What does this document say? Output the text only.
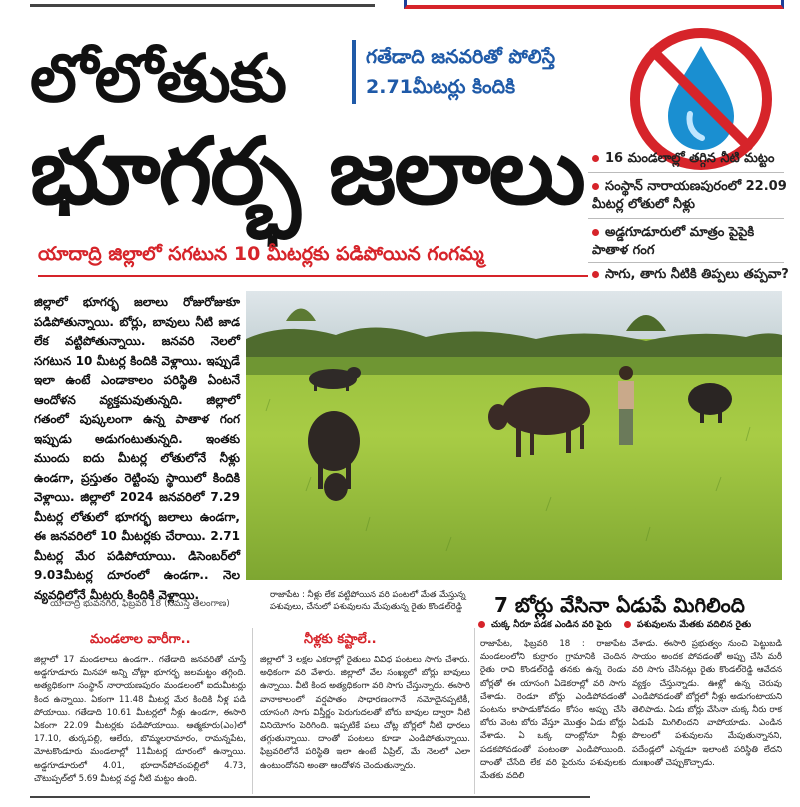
లోలోతుకు
భూగర్భ జలాలు
గతేడాది జనవరితో పోలిస్తే
2.71మీటర్లు కిందికి
16 మండలాల్లో తగ్గిన నీటి మట్టం
సంస్థాన్ నారాయణపురంలో 22.09 మీటర్ల లోతులో నీళ్లు
అడ్డగూడూరులో మాత్రం పైపైకి పాతాళ గంగ
సాగు, తాగు నీటికి తిప్పలు తప్పవా?
యాదాద్రి జిల్లాలో సగటున 10 మీటర్లకు పడిపోయిన గంగమ్మ
జిల్లాలో భూగర్భ జలాలు రోజురోజుకూ పడిపోతున్నాయి. బోర్లు, బావులు నీటి జాడ లేక వట్టిపోతున్నాయి. జనవరి నెలలో సగటున 10 మీటర్ల కిందికి వెళ్లాయి. ఇప్పుడే ఇలా ఉంటే ఎండాకాలం పరిస్థితి ఏంటనే ఆందోళన వ్యక్తమవుతున్నది. జిల్లాలో గతంలో పుష్కలంగా ఉన్న పాతాళ గంగ ఇప్పుడు అడుగంటుతున్నది. ఇంతకు ముందు ఐదు మీటర్ల లోతులోనే నీళ్లు ఉండగా, ప్రస్తుతం రెట్టింపు స్థాయిలో కిందికి వెళ్లాయి. జిల్లాలో 2024 జనవరిలో 7.29 మీటర్ల లోతులో భూగర్భ జలాలు ఉండగా, ఈ జనవరిలో 10 మీటర్లకు చేరాయి. 2.71 మీటర్ల మేర పడిపోయాయి. డిసెంబర్‌లో 9.03మీటర్ల దూరంలో ఉండగా.. నెల వ్యవధిలోనే మీటరు కిందికి వెళ్లాయి.
- యాదాద్రి భువనగిరి, ఫిబ్రవరి 18 (నమస్తే తెలంగాణ)
రాజాపేట : నీళ్లు లేక వట్టిపోయిన వరి పంటలో మేత మేస్తున్న పశువులు, చేనులో పశువులను మేపుతున్న రైతు కొండల్‌రెడ్డి	7 బోర్లు వేసినా ఏడుపే మిగిలింది
చుక్క నీరూ పడక ఎండిన వరి పైరు	పశువులను మేతకు వదిలిన రైతు
మండలాల వారీగా..
జిల్లాలో 17 మండలాలు ఉండగా.. గతేడాది జనవరితో చూస్తే అడ్డగూడూరు మినహా అన్ని చోట్లా భూగర్భ జలమట్టం తగ్గింది. అత్యధికంగా సంస్థాన్ నారాయణపురం మండలంలో ఐదుమీటర్లు కింద ఉన్నాయి. ఏకంగా 11.48 మీటర్ల మేర కిందికి నీళ్ల పడి పోయాయి. గతేడాది 10.61 మీటర్లలో నీళ్లు ఉండగా, ఈసారి ఏకంగా 22.09 మీటర్లకు పడిపోయాయి. ఆత్మకూరు(ఎం)లో 17.10, తుర్కపల్లి, ఆలేరు, బొమ్మలరామారం, రామన్నపేట, మోటకొండూరు మండలాల్లో 11మీటర్ల దూరంలో ఉన్నాయి. అడ్డగూడూరులో 4.01, భూదాన్‌పోచంపల్లిలో 4.73, చౌటుప్పల్‌లో 5.69 మీటర్ల వద్ద నీటి మట్టం ఉంది.
నీళ్లకు కష్టాలే..
జిల్లాలో 3 లక్షల ఎకరాల్లో రైతులు వివిధ పంటలు సాగు చేశారు. అధికంగా వరి వేశారు. జిల్లాలో వేల సంఖ్యలో బోర్లు బావులు ఉన్నాయి. వీటి కింద అత్యధికంగా వరి సాగు చేస్తున్నారు. ఈసారి వానాకాలంలో వర్షపాతం సాధారణంగానే నమోదైనప్పటికీ, యాసంగి సాగు విస్తీర్ణం పెరుగుదలతో బోరు బావుల ద్వారా నీటి వినియోగం పెరిగింది. ఇప్పటికే పలు చోట్ల బోర్లలో నీటి ధారలు తగ్గుతున్నాయి. దాంతో పంటలు కూడా ఎండిపోతున్నాయి. ఫిబ్రవరిలోనే పరిస్థితి ఇలా ఉంటే ఏప్రిల్, మే నెలలో ఎలా ఉంటుందోనని అంతా ఆందోళన చెందుతున్నారు.
రాజాపేట, ఫిబ్రవరి 18 : రాజాపేట మండలంలోని కుర్రారం గ్రామానికి చెందిన రైతు రావి కొండల్‌రెడ్డి తనకు ఉన్న రెండు బోర్లతో ఈ యాసంగి ఏడెకరాల్లో వరి సాగు చేశాడు. రెండూ బోర్లు ఎండిపోవడంతో పంటను కాపాడుకోవడం కోసం అప్పు చేసి బోరు వెంట బోరు వేస్తూ మొత్తం ఏడు బోర్లు వేశాడు. ఏ ఒక్క దాంట్లోనూ నీళ్లు పడకపోవడంతో పంటంతా ఎండిపోయింది. దాంతో చేసేది లేక వరి పైరును పశువులకు మేతకు వదిలి
వేశాడు. ఈసారి ప్రభుత్వం నుంచి పెట్టుబడి సాయం అందక పోవడంతో అప్పు చేసి మరీ వరి సాగు చేసినట్లు రైతు కొండల్‌రెడ్డి ఆవేదన వ్యక్తం చేస్తున్నాడు. ఊళ్లో ఉన్న చెరువు ఎండిపోవడంతో బోర్లలో నీళ్లు అడుగంటాయని తెలిపాడు. ఏడు బోర్లు వేసినా చుక్క నీరు రాక ఏడుపే మిగిలిందని వాపోయాడు. ఎండిన పొలంలో పశువులను మేపుతున్నానని, పదేండ్లలో ఎన్నడూ ఇలాంటి పరిస్థితి లేదని దుఃఖంతో చెప్పుకొచ్చాడు.
